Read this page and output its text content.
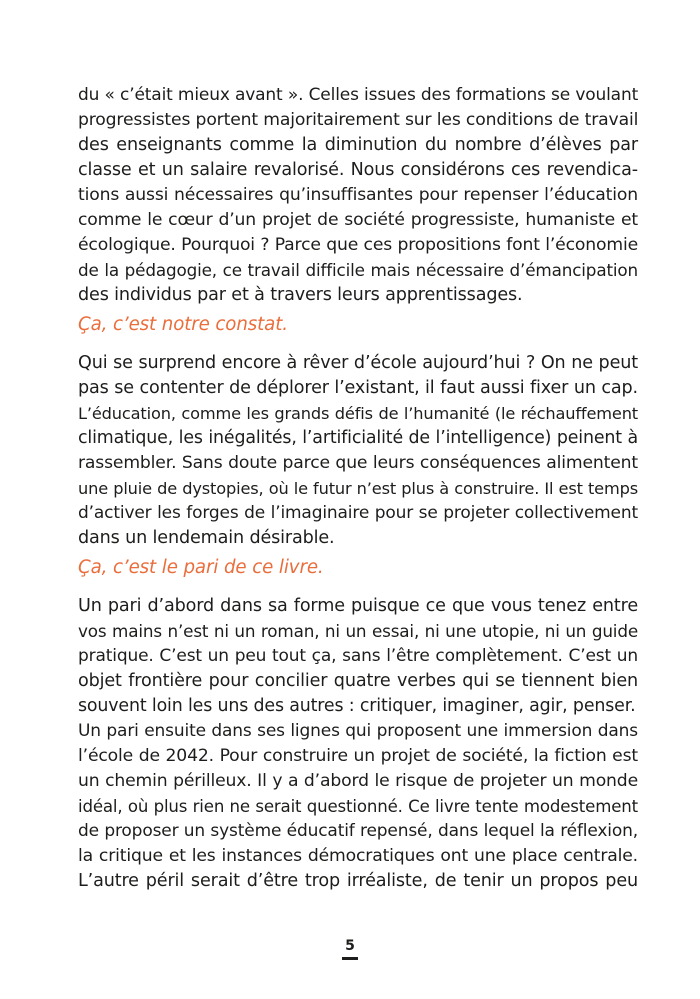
du « c’était mieux avant ». Celles issues des formations se voulant
progressistes portent majoritairement sur les conditions de travail
des enseignants comme la diminution du nombre d’élèves par
classe et un salaire revalorisé. Nous considérons ces revendica-
tions aussi nécessaires qu’insuffisantes pour repenser l’éducation
comme le cœur d’un projet de société progressiste, humaniste et
écologique. Pourquoi ? Parce que ces propositions font l’économie
de la pédagogie, ce travail difficile mais nécessaire d’émancipation
des individus par et à travers leurs apprentissages.
Ça, c’est notre constat.
Qui se surprend encore à rêver d’école aujourd’hui ? On ne peut
pas se contenter de déplorer l’existant, il faut aussi fixer un cap.
L’éducation, comme les grands défis de l’humanité (le réchauffement
climatique, les inégalités, l’artificialité de l’intelligence) peinent à
rassembler. Sans doute parce que leurs conséquences alimentent
une pluie de dystopies, où le futur n’est plus à construire. Il est temps
d’activer les forges de l’imaginaire pour se projeter collectivement
dans un lendemain désirable.
Ça, c’est le pari de ce livre.
Un pari d’abord dans sa forme puisque ce que vous tenez entre
vos mains n’est ni un roman, ni un essai, ni une utopie, ni un guide
pratique. C’est un peu tout ça, sans l’être complètement. C’est un
objet frontière pour concilier quatre verbes qui se tiennent bien
souvent loin les uns des autres : critiquer, imaginer, agir, penser.
Un pari ensuite dans ses lignes qui proposent une immersion dans
l’école de 2042. Pour construire un projet de société, la fiction est
un chemin périlleux. Il y a d’abord le risque de projeter un monde
idéal, où plus rien ne serait questionné. Ce livre tente modestement
de proposer un système éducatif repensé, dans lequel la réflexion,
la critique et les instances démocratiques ont une place centrale.
L’autre péril serait d’être trop irréaliste, de tenir un propos peu
5
